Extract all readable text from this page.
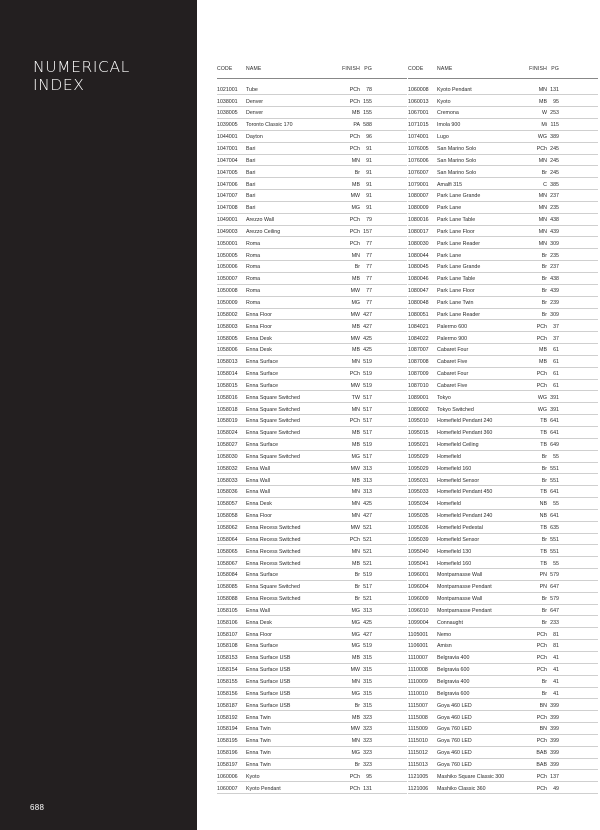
NUMERICAL
INDEX
688
CODE	NAME	FINISH PG
1021001 Tube	PCh	78
1038001 Denver	PCh 155
1038005 Denver	MB 155
1039005 Toronto Classic 170	PA 588
1044001 Dayton	PCh	96
1047001 Bari	PCh	91
1047004 Bari	MN	91
1047005 Bari	Br	91
1047006 Bari	MB	91
1047007 Bari	MW	91
1047008 Bari	MG	91
1049001 Arezzo Wall	PCh	79
1049003 Arezzo Ceiling	PCh 157
1050001 Roma	PCh	77
1050005 Roma	MN	77
1050006 Roma	Br	77
1050007 Roma	MB	77
1050008 Roma	MW	77
1050009 Roma	MG	77
1058002 Enna Floor	MW 427
1058003 Enna Floor	MB 427
1058005 Enna Desk	MW 425
1058006 Enna Desk	MB 425
1058013 Enna Surface	MN 519
1058014 Enna Surface	PCh 519
1058015 Enna Surface	MW 519
1058016 Enna Square Switched	TW 517
1058018 Enna Square Switched	MN 517
1058019 Enna Square Switched	PCh 517
1058024 Enna Square Switched	MB 517
1058027 Enna Surface	MB 519
1058030 Enna Square Switched	MG 517
1058032 Enna Wall	MW 313
1058033 Enna Wall	MB 313
1058036 Enna Wall	MN 313
1058057 Enna Desk	MN 425
1058058 Enna Floor	MN 427
1058062 Enna Recess Switched	MW 521
1058064 Enna Recess Switched	PCh 521
1058065 Enna Recess Switched	MN 521
1058067 Enna Recess Switched	MB 521
1058084 Enna Surface	Br 519
1058085 Enna Square Switched	Br 517
1058088 Enna Recess Switched	Br 521
1058105 Enna Wall	MG 313
1058106 Enna Desk	MG 425
1058107 Enna Floor	MG 427
1058108 Enna Surface	MG 519
1058153 Enna Surface USB	MB 315
1058154 Enna Surface USB	MW 315
1058155 Enna Surface USB	MN 315
1058156 Enna Surface USB	MG 315
1058187 Enna Surface USB	Br 315
1058192 Enna Twin	MB 323
1058194 Enna Twin	MW 323
1058195 Enna Twin	MN 323
1058196 Enna Twin	MG 323
1058197 Enna Twin	Br 323
1060006 Kyoto	PCh	95
1060007 Kyoto Pendant	PCh 131
CODE	NAME	FINISH PG
1060008 Kyoto Pendant	MN 131
1060013 Kyoto	MB	95
1067001 Cremona	W 253
1071015 Imola 900	Mi 115
1074001 Lugo	WG 389
1076005 San Marino Solo	PCh 245
1076006 San Marino Solo	MN 245
1076007 San Marino Solo	Br 245
1079001 Amalfi 315	C 385
1080007 Park Lane Grande	MN 237
1080009 Park Lane	MN 235
1080016 Park Lane Table	MN 438
1080017 Park Lane Floor	MN 439
1080030 Park Lane Reader	MN 309
1080044 Park Lane	Br 235
1080045 Park Lane Grande	Br 237
1080046 Park Lane Table	Br 438
1080047 Park Lane Floor	Br 439
1080048 Park Lane Twin	Br 239
1080051 Park Lane Reader	Br 309
1084021 Palermo 600	PCh	37
1084022 Palermo 900	PCh	37
1087007 Cabaret Four	MB	61
1087008 Cabaret Five	MB	61
1087009 Cabaret Four	PCh	61
1087010 Cabaret Five	PCh	61
1089001 Tokyo	WG 391
1089002 Tokyo Switched	WG 391
1095010 Homefield Pendant 240	TB 641
1095015 Homefield Pendant 360	TB 641
1095021 Homefield Ceiling	TB 649
1095029 Homefield	Br	55
1095029 Homefield 160	Br 551
1095031 Homefield Sensor	Br 551
1095033 Homefield Pendant 450	TB 641
1095034 Homefield	NB	55
1095035 Homefield Pendant 240	NB 641
1095036 Homefield Pedestal	TB 635
1095039 Homefield Sensor	Br 551
1095040 Homefield 130	TB 551
1095041 Homefield 160	TB	55
1096001 Montparnasse Wall	PN 579
1096004 Montparnasse Pendant	PN 647
1096009 Montparnasse Wall	Br 579
1096010 Montparnasse Pendant	Br 647
1099004 Connaught	Br 233
1105001 Nemo	PCh	81
1106001 Amisn	PCh	81
1110007 Belgravia 400	PCh	41
1110008 Belgravia 600	PCh	41
1110009 Belgravia 400	Br	41
1110010 Belgravia 600	Br	41
1115007 Goya 460 LED	BN 399
1115008 Goya 460 LED	PCh 399
1115009 Goya 760 LED	BN 399
1115010 Goya 760 LED	PCh 399
1115012 Goya 460 LED	BAB 399
1115013 Goya 760 LED	BAB 399
1121005 Mashiko Square Classic 300	PCh 137
1121006 Mashiko Classic 360	PCh	49
